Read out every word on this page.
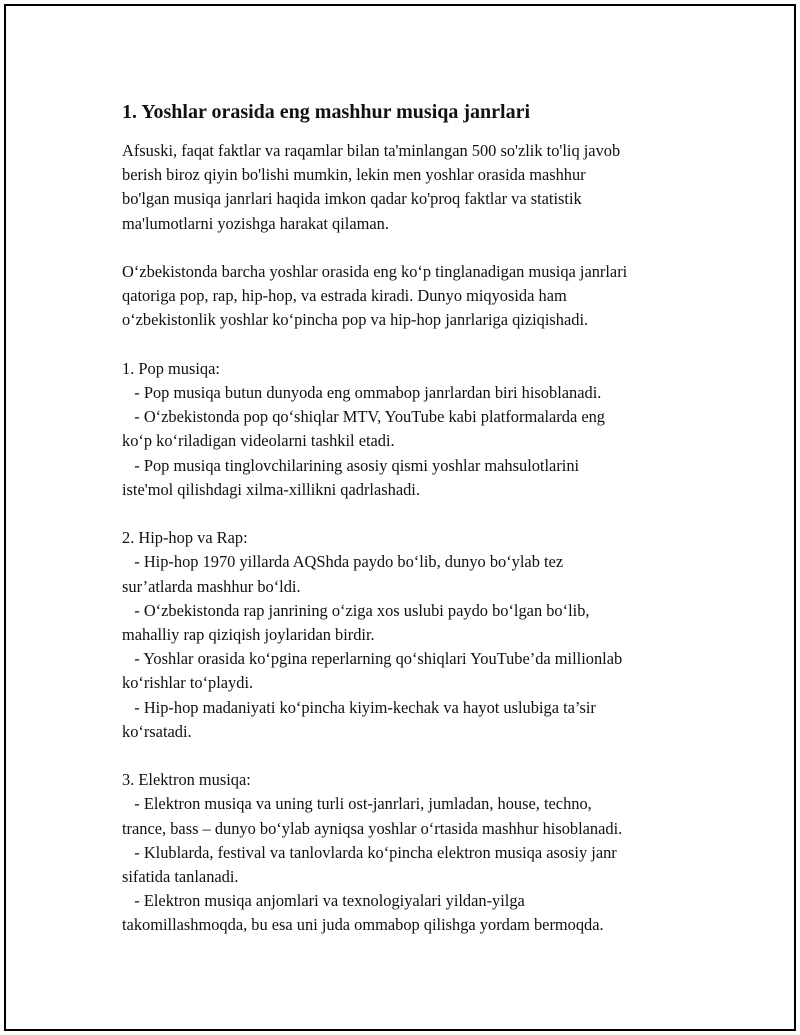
1. Yoshlar orasida eng mashhur musiqa janrlari
Afsuski, faqat faktlar va raqamlar bilan ta'minlangan 500 so'zlik to'liq javob
berish biroz qiyin bo'lishi mumkin, lekin men yoshlar orasida mashhur
bo'lgan musiqa janrlari haqida imkon qadar ko'proq faktlar va statistik
ma'lumotlarni yozishga harakat qilaman.
O‘zbekistonda barcha yoshlar orasida eng ko‘p tinglanadigan musiqa janrlari
qatoriga pop, rap, hip-hop, va estrada kiradi. Dunyo miqyosida ham
o‘zbekistonlik yoshlar ko‘pincha pop va hip-hop janrlariga qiziqishadi.
1. Pop musiqa:
- Pop musiqa butun dunyoda eng ommabop janrlardan biri hisoblanadi.
- O‘zbekistonda pop qo‘shiqlar MTV, YouTube kabi platformalarda eng
ko‘p ko‘riladigan videolarni tashkil etadi.
- Pop musiqa tinglovchilarining asosiy qismi yoshlar mahsulotlarini
iste'mol qilishdagi xilma-xillikni qadrlashadi.
2. Hip-hop va Rap:
- Hip-hop 1970 yillarda AQShda paydo bo‘lib, dunyo bo‘ylab tez
sur’atlarda mashhur bo‘ldi.
- O‘zbekistonda rap janrining o‘ziga xos uslubi paydo bo‘lgan bo‘lib,
mahalliy rap qiziqish joylaridan birdir.
- Yoshlar orasida ko‘pgina reperlarning qo‘shiqlari YouTube’da millionlab
ko‘rishlar to‘playdi.
- Hip-hop madaniyati ko‘pincha kiyim-kechak va hayot uslubiga ta’sir
ko‘rsatadi.
3. Elektron musiqa:
- Elektron musiqa va uning turli ost-janrlari, jumladan, house, techno,
trance, bass – dunyo bo‘ylab ayniqsa yoshlar o‘rtasida mashhur hisoblanadi.
- Klublarda, festival va tanlovlarda ko‘pincha elektron musiqa asosiy janr
sifatida tanlanadi.
- Elektron musiqa anjomlari va texnologiyalari yildan-yilga
takomillashmoqda, bu esa uni juda ommabop qilishga yordam bermoqda.
